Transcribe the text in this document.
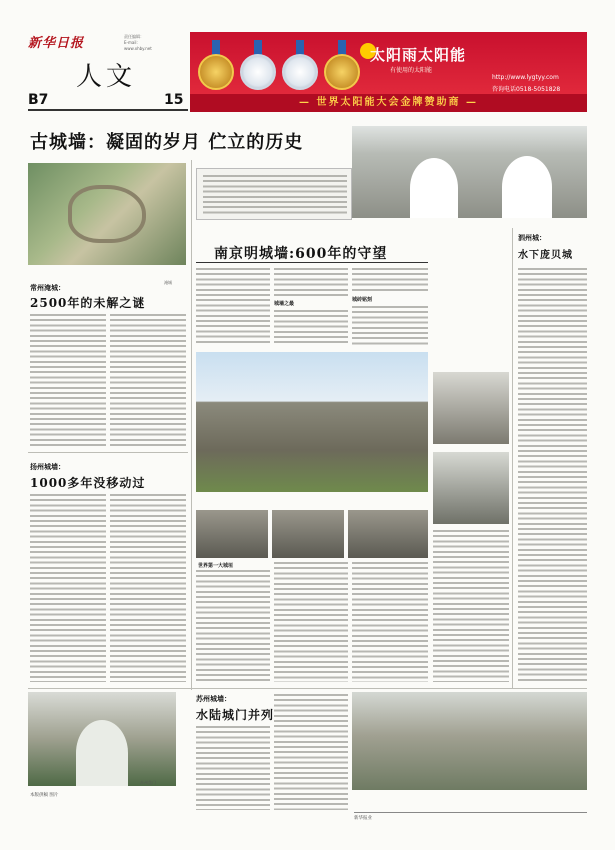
新华日报	责任编辑：
E-mail：
www.xhby.net
人文
B7	15
太阳雨太阳能
有使用的太阳能
http://www.lygtyy.com
咨询电话0518-5051828
— 世界太阳能大会金牌赞助商 —
古城墙：凝固的岁月 伫立的历史
淹城
常州淹城：
2500年的未解之谜
扬州城墙：
1000多年没移动过
南京明城墙:600年的守望
城墙之最
城砖铭刻
世界第一大城垣
泗州城：
水下庞贝城
苏州盘门
苏州城墙：
水陆城门并列
本版供稿 图片
新华报业
